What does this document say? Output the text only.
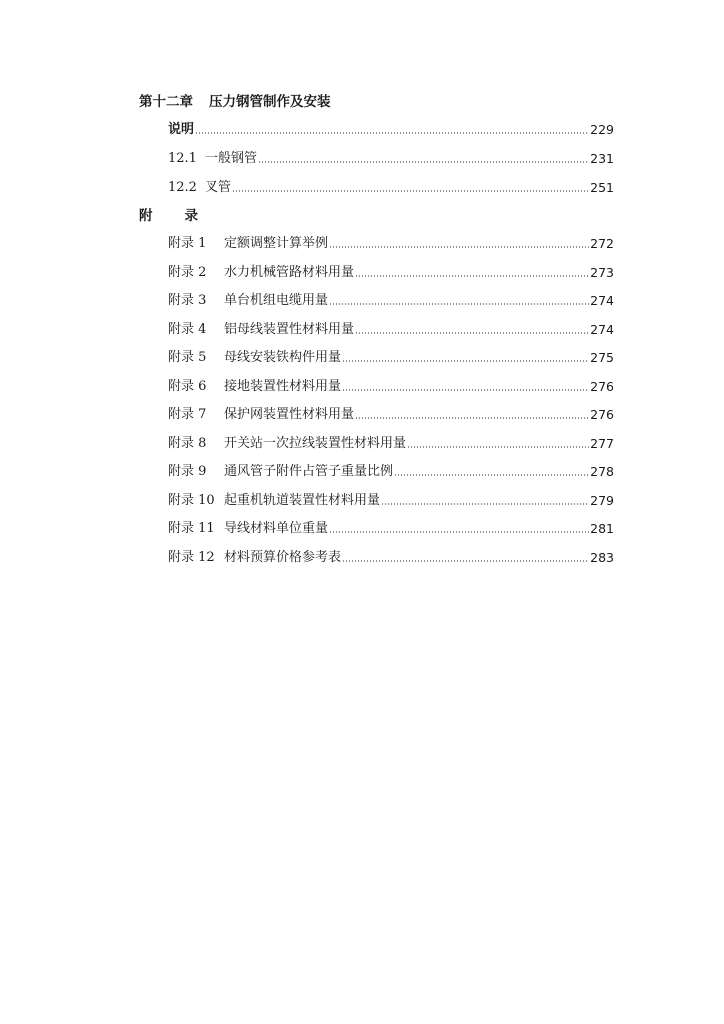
第十二章 压力钢管制作及安装
说明	229
12.1 一般钢管	231
12.2 叉管	251
附 录
附录 1	定额调整计算举例	272
附录 2	水力机械管路材料用量	273
附录 3	单台机组电缆用量	274
附录 4	铝母线装置性材料用量	274
附录 5	母线安装铁构件用量	275
附录 6	接地装置性材料用量	276
附录 7	保护网装置性材料用量	276
附录 8	开关站一次拉线装置性材料用量	277
附录 9	通风管子附件占管子重量比例	278
附录 10 起重机轨道装置性材料用量	279
附录 11 导线材料单位重量	281
附录 12 材料预算价格参考表	283
